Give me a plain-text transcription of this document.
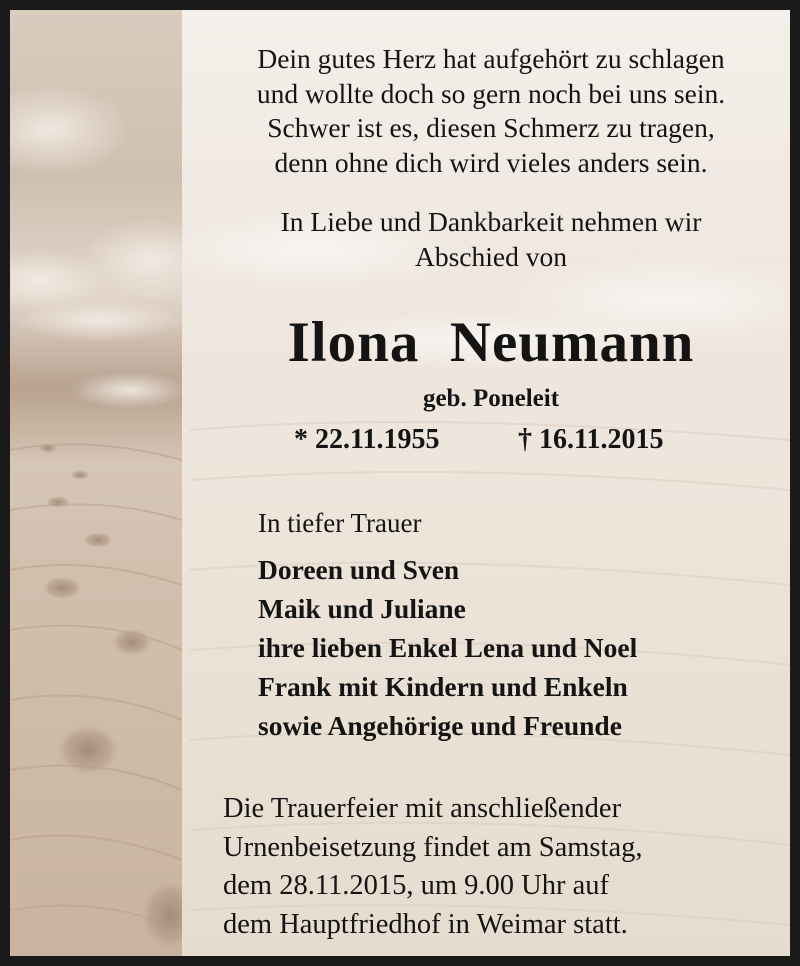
Dein gutes Herz hat aufgehört zu schlagen
und wollte doch so gern noch bei uns sein.
Schwer ist es, diesen Schmerz zu tragen,
denn ohne dich wird vieles anders sein.
In Liebe und Dankbarkeit nehmen wir
Abschied von
Ilona  Neumann
geb. Poneleit
* 22.11.1955	† 16.11.2015
In tiefer Trauer
Doreen und Sven
Maik und Juliane
ihre lieben Enkel Lena und Noel
Frank mit Kindern und Enkeln
sowie Angehörige und Freunde
Die Trauerfeier mit anschließender
Urnenbeisetzung findet am Samstag,
dem 28.11.2015, um 9.00 Uhr auf
dem Hauptfriedhof in Weimar statt.
